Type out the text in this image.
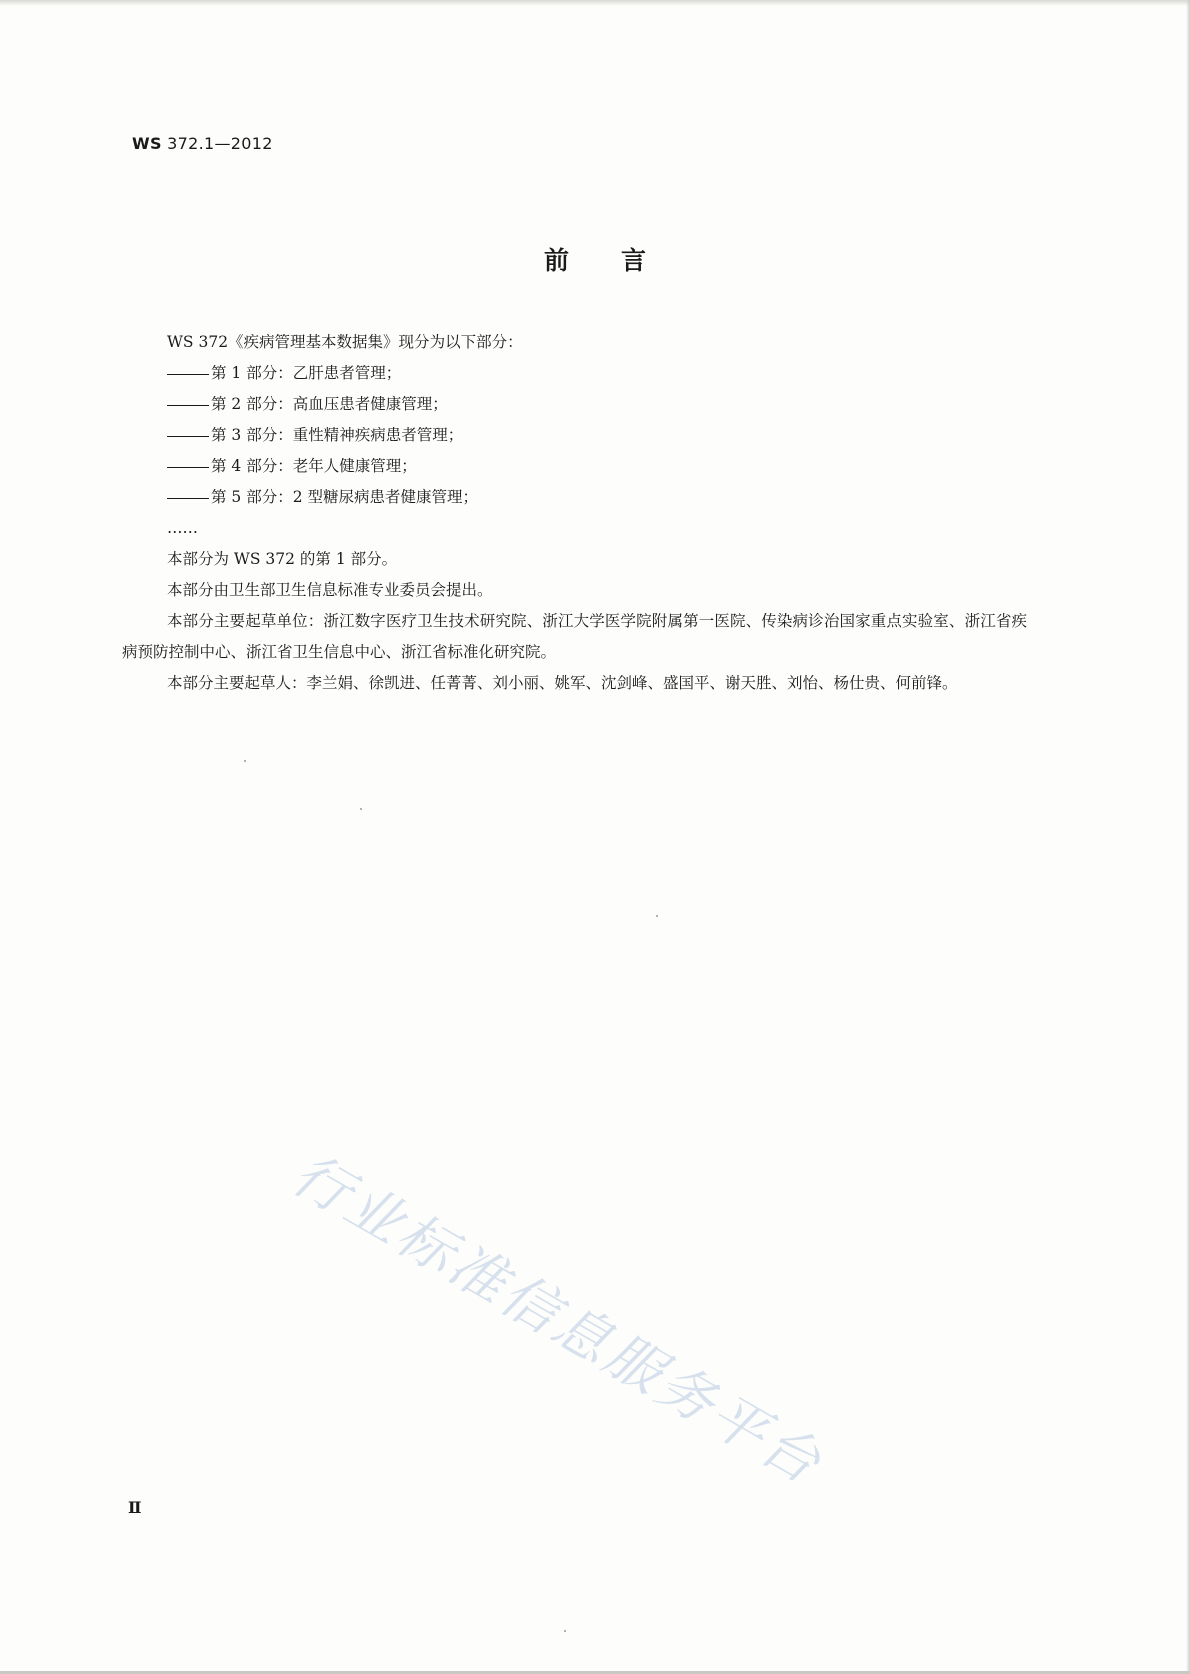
WS 372.1—2012
前言

WS 372《疾病管理基本数据集》现分为以下部分：

第 1 部分：乙肝患者管理；

第 2 部分：高血压患者健康管理；

第 3 部分：重性精神疾病患者管理；

第 4 部分：老年人健康管理；

第 5 部分：2 型糖尿病患者健康管理；

……

本部分为 WS 372 的第 1 部分。

本部分由卫生部卫生信息标准专业委员会提出。

本部分主要起草单位：浙江数字医疗卫生技术研究院、浙江大学医学院附属第一医院、传染病诊治国家重点实验室、浙江省疾病预防控制中心、浙江省卫生信息中心、浙江省标准化研究院。

本部分主要起草人：李兰娟、徐凯进、任菁菁、刘小丽、姚军、沈剑峰、盛国平、谢天胜、刘怡、杨仕贵、何前锋。

行业标准信息服务平台
Ⅱ
